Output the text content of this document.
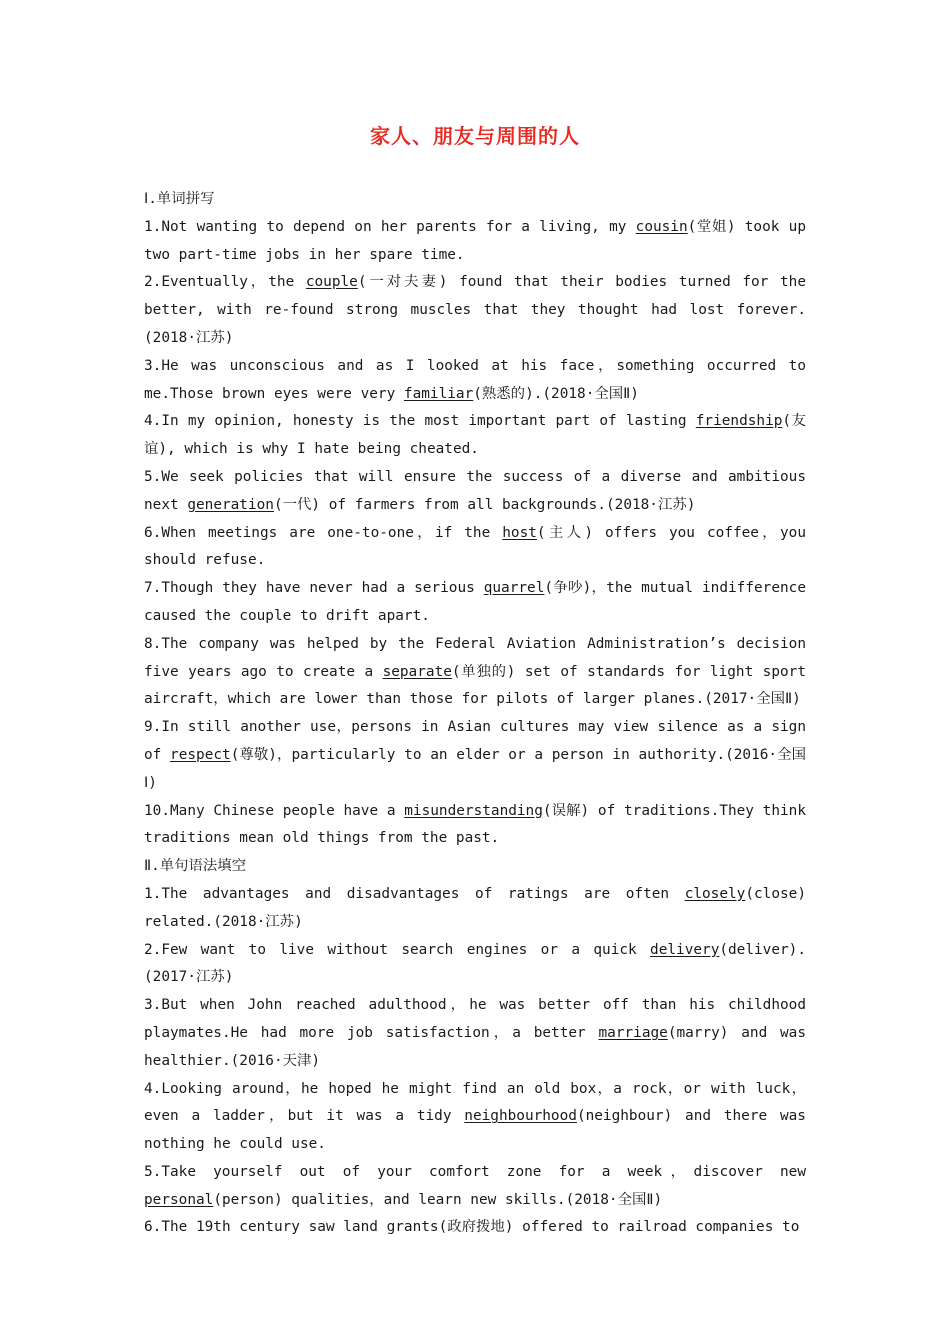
家人、朋友与周围的人

Ⅰ.单词拼写

1.Not wanting to depend on her parents for a living, my cousin(堂姐) took up two part-time jobs in her spare time.

2.Eventually，the couple(一对夫妻) found that their bodies turned for the better, with re-found strong muscles that they thought had lost forever.(2018·江苏)

3.He was unconscious and as I looked at his face，something occurred to me.Those brown eyes were very familiar(熟悉的).(2018·全国Ⅱ)

4.In my opinion, honesty is the most important part of lasting friendship(友谊), which is why I hate being cheated.

5.We seek policies that will ensure the success of a diverse and ambitious next generation(一代) of farmers from all backgrounds.(2018·江苏)

6.When meetings are one-to-one，if the host(主人) offers you coffee，you should refuse.

7.Though they have never had a serious quarrel(争吵)，the mutual indifference caused the couple to drift apart.

8.The company was helped by the Federal Aviation Administration’s decision five years ago to create a separate(单独的) set of standards for light sport aircraft，which are lower than those for pilots of larger planes.(2017·全国Ⅱ)

9.In still another use，persons in Asian cultures may view silence as a sign of respect(尊敬)，particularly to an elder or a person in authority.(2016·全国Ⅰ)

10.Many Chinese people have a misunderstanding(误解) of traditions.They think traditions mean old things from the past.

Ⅱ.单句语法填空

1.The advantages and disadvantages of ratings are often closely(close) related.(2018·江苏)

2.Few want to live without search engines or a quick delivery(deliver).(2017·江苏)

3.But when John reached adulthood，he was better off than his childhood playmates.He had more job satisfaction，a better marriage(marry) and was healthier.(2016·天津)

4.Looking around，he hoped he might find an old box，a rock，or with luck，even a ladder，but it was a tidy neighbourhood(neighbour) and there was nothing he could use.

5.Take yourself out of your comfort zone for a week，discover new personal(person) qualities，and learn new skills.(2018·全国Ⅱ)

6.The 19th century saw land grants(政府拨地) offered to railroad companies to
